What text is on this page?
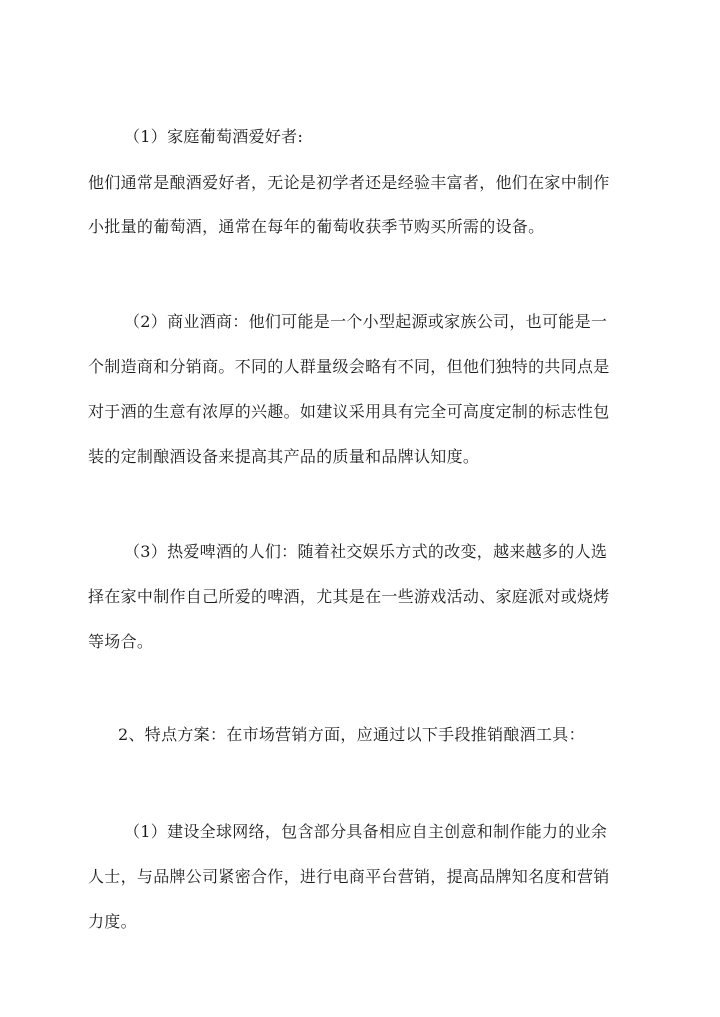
（1）家庭葡萄酒爱好者:
他们通常是酿酒爱好者，无论是初学者还是经验丰富者，他们在家中制作
小批量的葡萄酒，通常在每年的葡萄收获季节购买所需的设备。
（2）商业酒商：他们可能是一个小型起源或家族公司，也可能是一
个制造商和分销商。不同的人群量级会略有不同，但他们独特的共同点是
对于酒的生意有浓厚的兴趣。如建议采用具有完全可高度定制的标志性包
装的定制酿酒设备来提高其产品的质量和品牌认知度。
（3）热爱啤酒的人们：随着社交娱乐方式的改变，越来越多的人选
择在家中制作自己所爱的啤酒，尤其是在一些游戏活动、家庭派对或烧烤
等场合。
2、特点方案：在市场营销方面，应通过以下手段推销酿酒工具：
（1）建设全球网络，包含部分具备相应自主创意和制作能力的业余
人士，与品牌公司紧密合作，进行电商平台营销，提高品牌知名度和营销
力度。
